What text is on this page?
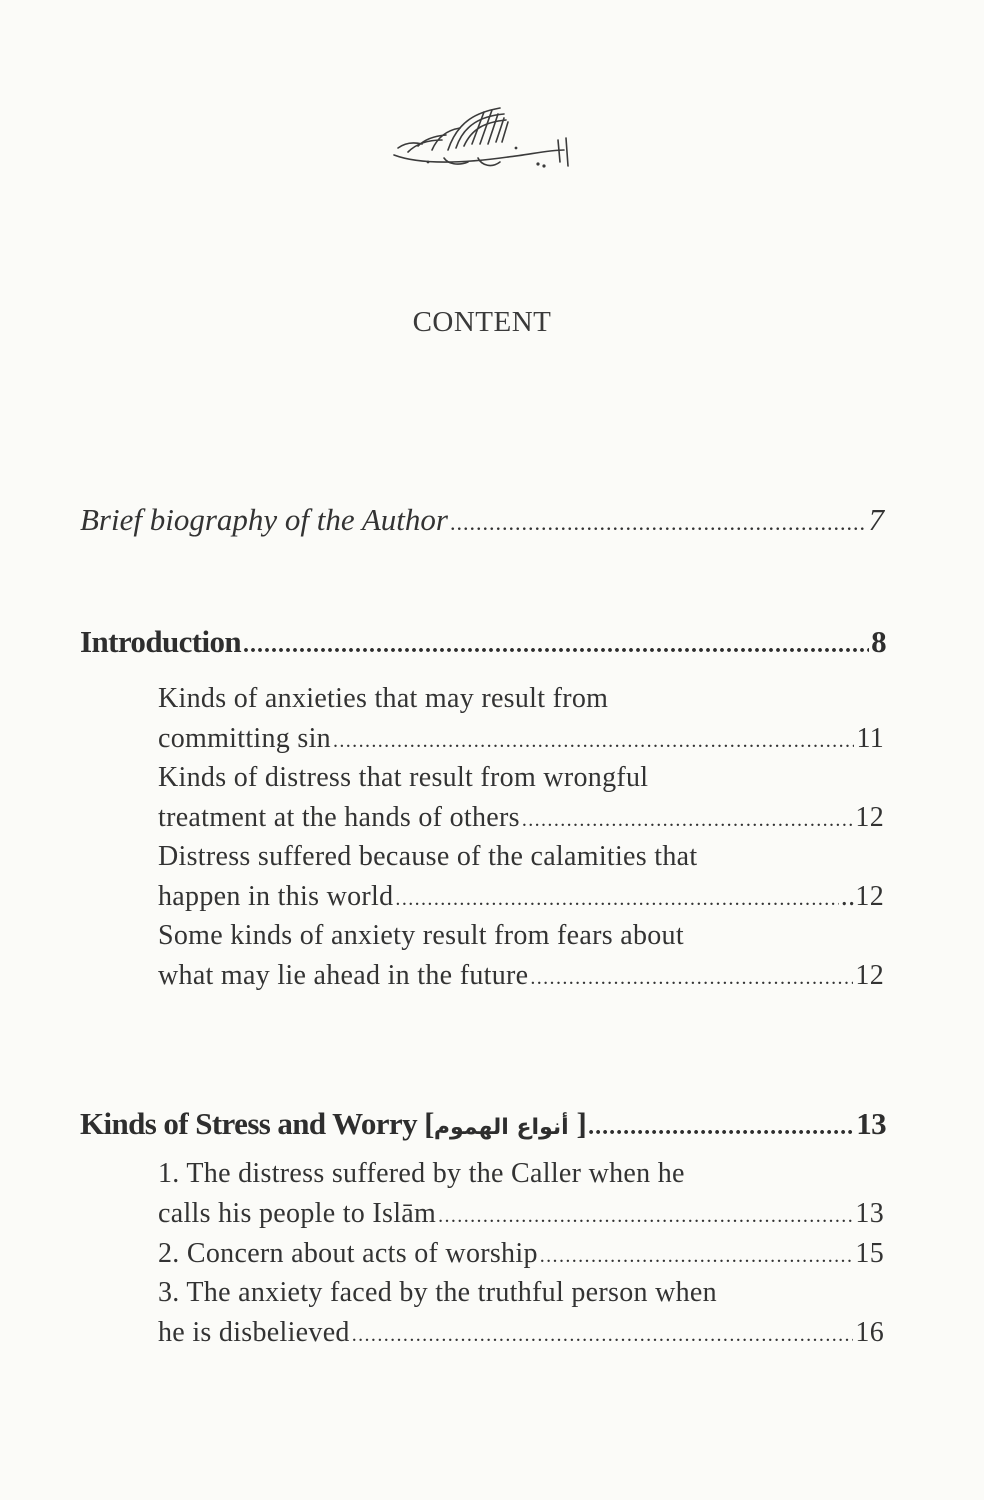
CONTENT
Brief biography of the Author .....	7
Introduction .....	8
Kinds of anxieties that may result from
committing sin .....	11
Kinds of distress that result from wrongful
treatment at the hands of others .....	12
Distress suffered because of the calamities that
happen in this world .....	..12
Some kinds of anxiety result from fears about
what may lie ahead in the future .....	12
Kinds of Stress and Worry [أنواع الهموم ] .....	13
1. The distress suffered by the Caller when he
calls his people to Islām .....	13
2. Concern about acts of worship .....	15
3. The anxiety faced by the truthful person when
he is disbelieved .....	16
